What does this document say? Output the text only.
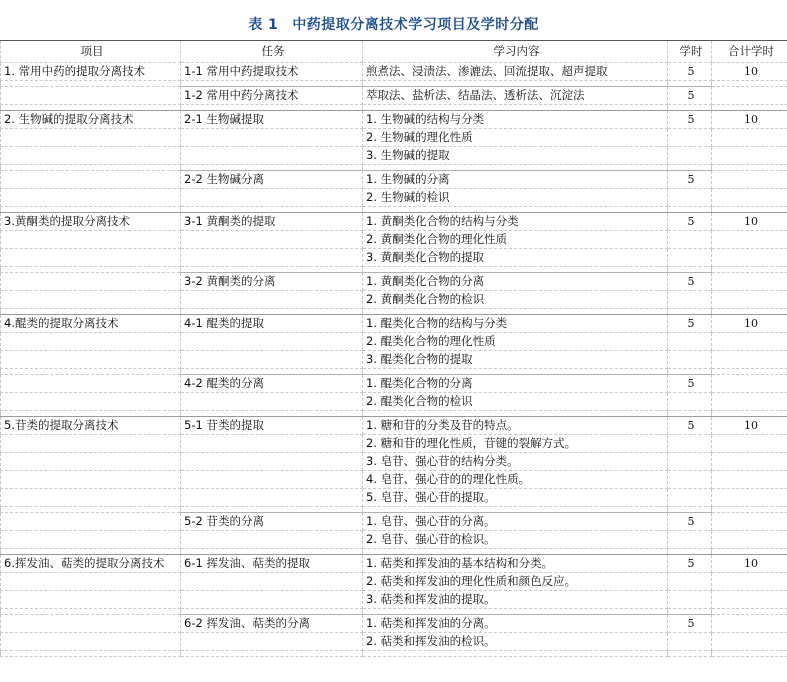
表 1 中药提取分离技术学习项目及学时分配
项目	任务	学习内容	学时	合计学时
1. 常用中药的提取分离技术	1-1 常用中药提取技术	煎煮法、浸渍法、渗漉法、回流提取、超声提取	5	10

	1-2 常用中药分离技术	萃取法、盐析法、结晶法、透析法、沉淀法	5	

2. 生物碱的提取分离技术	2-1 生物碱提取	1. 生物碱的结构与分类	5	10
		2. 生物碱的理化性质		
		3. 生物碱的提取		

	2-2 生物碱分离	1. 生物碱的分离	5	
		2. 生物碱的检识		

3.黄酮类的提取分离技术	3-1 黄酮类的提取	1. 黄酮类化合物的结构与分类	5	10
		2. 黄酮类化合物的理化性质		
		3. 黄酮类化合物的提取		

	3-2 黄酮类的分离	1. 黄酮类化合物的分离	5	
		2. 黄酮类化合物的检识		

4.醌类的提取分离技术	4-1 醌类的提取	1. 醌类化合物的结构与分类	5	10
		2. 醌类化合物的理化性质		
		3. 醌类化合物的提取		

	4-2 醌类的分离	1. 醌类化合物的分离	5	
		2. 醌类化合物的检识		

5.苷类的提取分离技术	5-1 苷类的提取	1. 糖和苷的分类及苷的特点。	5	10
		2. 糖和苷的理化性质，苷键的裂解方式。		
		3. 皂苷、强心苷的结构分类。		
		4. 皂苷、强心苷的的理化性质。		
		5. 皂苷、强心苷的提取。		

	5-2 苷类的分离	1. 皂苷、强心苷的分离。	5	
		2. 皂苷、强心苷的检识。		

6.挥发油、萜类的提取分离技术	6-1 挥发油、萜类的提取	1. 萜类和挥发油的基本结构和分类。	5	10
		2. 萜类和挥发油的理化性质和颜色反应。		
		3. 萜类和挥发油的提取。		

	6-2 挥发油、萜类的分离	1. 萜类和挥发油的分离。	5	
		2. 萜类和挥发油的检识。		
